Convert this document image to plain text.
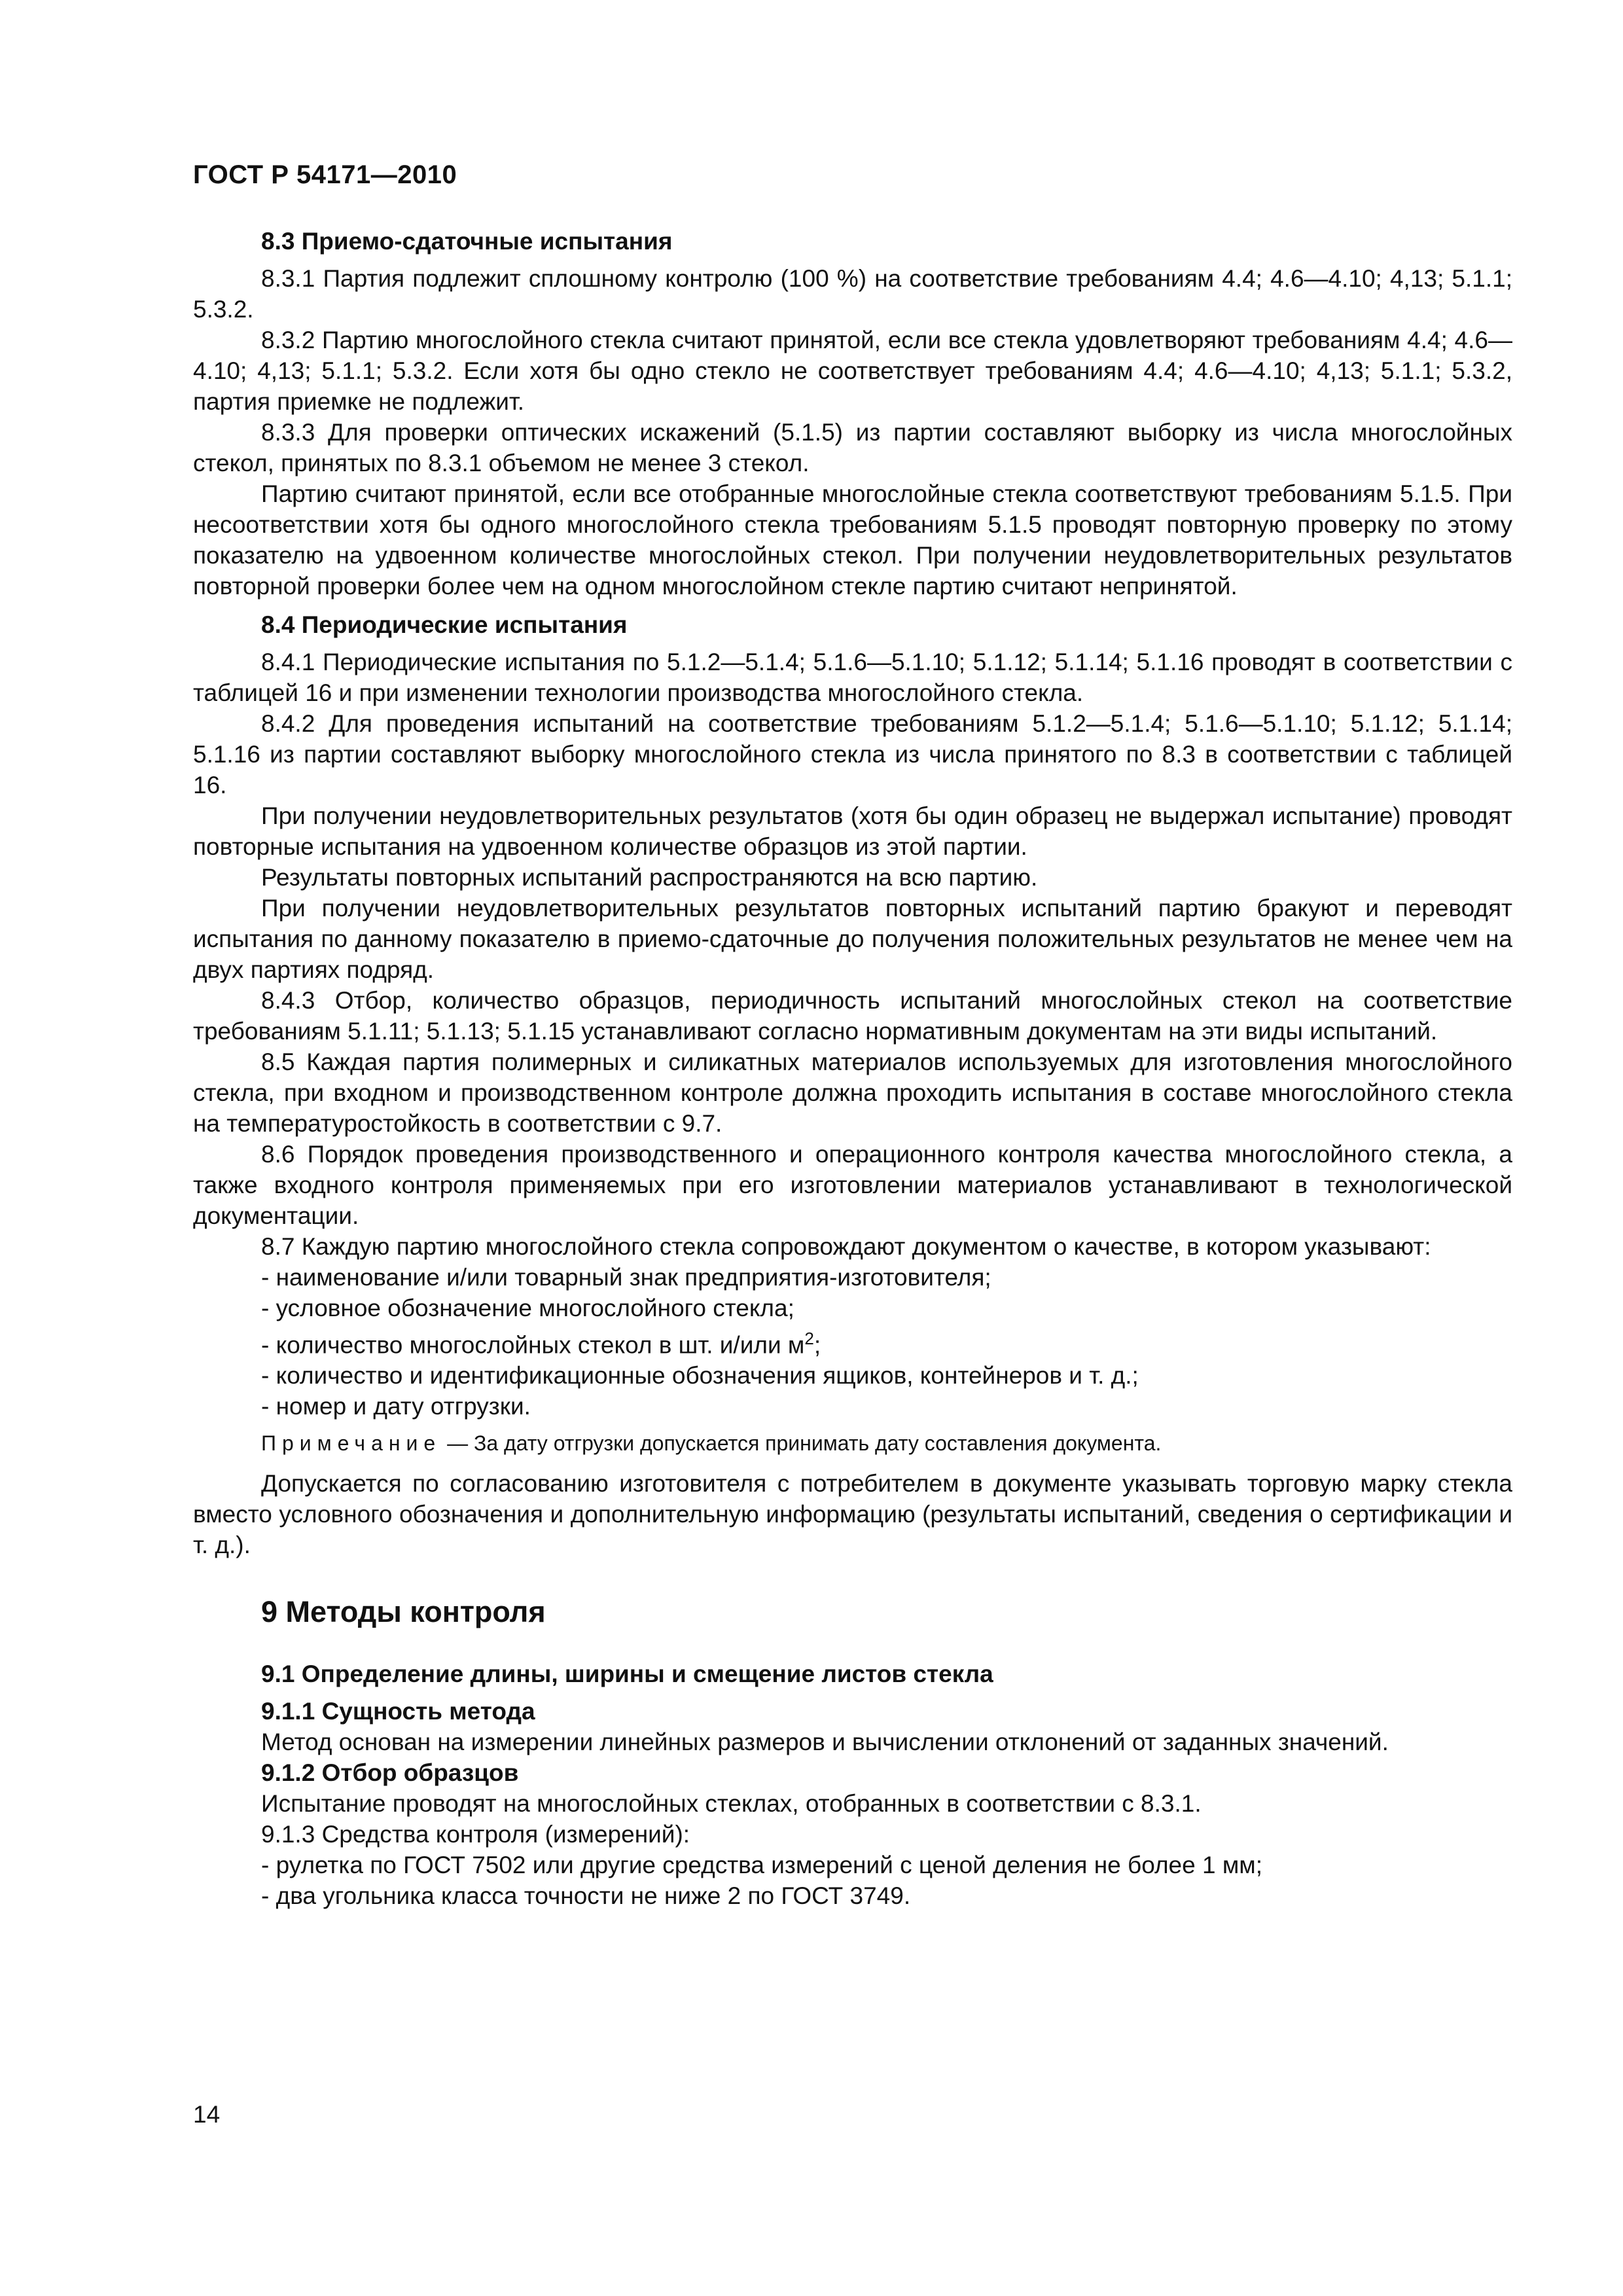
ГОСТ Р 54171—2010

8.3 Приемо-сдаточные испытания

8.3.1 Партия подлежит сплошному контролю (100 %) на соответствие требованиям 4.4; 4.6—4.10; 4,13; 5.1.1; 5.3.2.

8.3.2 Партию многослойного стекла считают принятой, если все стекла удовлетворяют требованиям 4.4; 4.6—4.10; 4,13; 5.1.1; 5.3.2. Если хотя бы одно стекло не соответствует требованиям 4.4; 4.6—4.10; 4,13; 5.1.1; 5.3.2, партия приемке не подлежит.

8.3.3 Для проверки оптических искажений (5.1.5) из партии составляют выборку из числа многослойных стекол, принятых по 8.3.1 объемом не менее 3 стекол.

Партию считают принятой, если все отобранные многослойные стекла соответствуют требованиям 5.1.5. При несоответствии хотя бы одного многослойного стекла требованиям 5.1.5 проводят повторную проверку по этому показателю на удвоенном количестве многослойных стекол. При получении неудовлетворительных результатов повторной проверки более чем на одном многослойном стекле партию считают непринятой.

8.4 Периодические испытания

8.4.1 Периодические испытания по 5.1.2—5.1.4; 5.1.6—5.1.10; 5.1.12; 5.1.14; 5.1.16 проводят в соответствии с таблицей 16 и при изменении технологии производства многослойного стекла.

8.4.2 Для проведения испытаний на соответствие требованиям 5.1.2—5.1.4; 5.1.6—5.1.10; 5.1.12; 5.1.14; 5.1.16 из партии составляют выборку многослойного стекла из числа принятого по 8.3 в соответствии с таблицей 16.

При получении неудовлетворительных результатов (хотя бы один образец не выдержал испытание) проводят повторные испытания на удвоенном количестве образцов из этой партии.

Результаты повторных испытаний распространяются на всю партию.

При получении неудовлетворительных результатов повторных испытаний партию бракуют и переводят испытания по данному показателю в приемо-сдаточные до получения положительных результатов не менее чем на двух партиях подряд.

8.4.3 Отбор, количество образцов, периодичность испытаний многослойных стекол на соответствие требованиям 5.1.11; 5.1.13; 5.1.15 устанавливают согласно нормативным документам на эти виды испытаний.

8.5 Каждая партия полимерных и силикатных материалов используемых для изготовления многослойного стекла, при входном и производственном контроле должна проходить испытания в составе многослойного стекла на температуростойкость в соответствии с 9.7.

8.6 Порядок проведения производственного и операционного контроля качества многослойного стекла, а также входного контроля применяемых при его изготовлении материалов устанавливают в технологической документации.

8.7 Каждую партию многослойного стекла сопровождают документом о качестве, в котором указывают:

- наименование и/или товарный знак предприятия-изготовителя;

- условное обозначение многослойного стекла;

- количество многослойных стекол в шт. и/или $м^2$;

- количество и идентификационные обозначения ящиков, контейнеров и т. д.;

- номер и дату отгрузки.

Примечание — За дату отгрузки допускается принимать дату составления документа.

Допускается по согласованию изготовителя с потребителем в документе указывать торговую марку стекла вместо условного обозначения и дополнительную информацию (результаты испытаний, сведения о сертификации и т. д.).

9 Методы контроля

9.1 Определение длины, ширины и смещение листов стекла

9.1.1 Сущность метода

Метод основан на измерении линейных размеров и вычислении отклонений от заданных значений.

9.1.2 Отбор образцов

Испытание проводят на многослойных стеклах, отобранных в соответствии с 8.3.1.

9.1.3 Средства контроля (измерений):

- рулетка по ГОСТ 7502 или другие средства измерений с ценой деления не более 1 мм;

- два угольника класса точности не ниже 2 по ГОСТ 3749.

14
